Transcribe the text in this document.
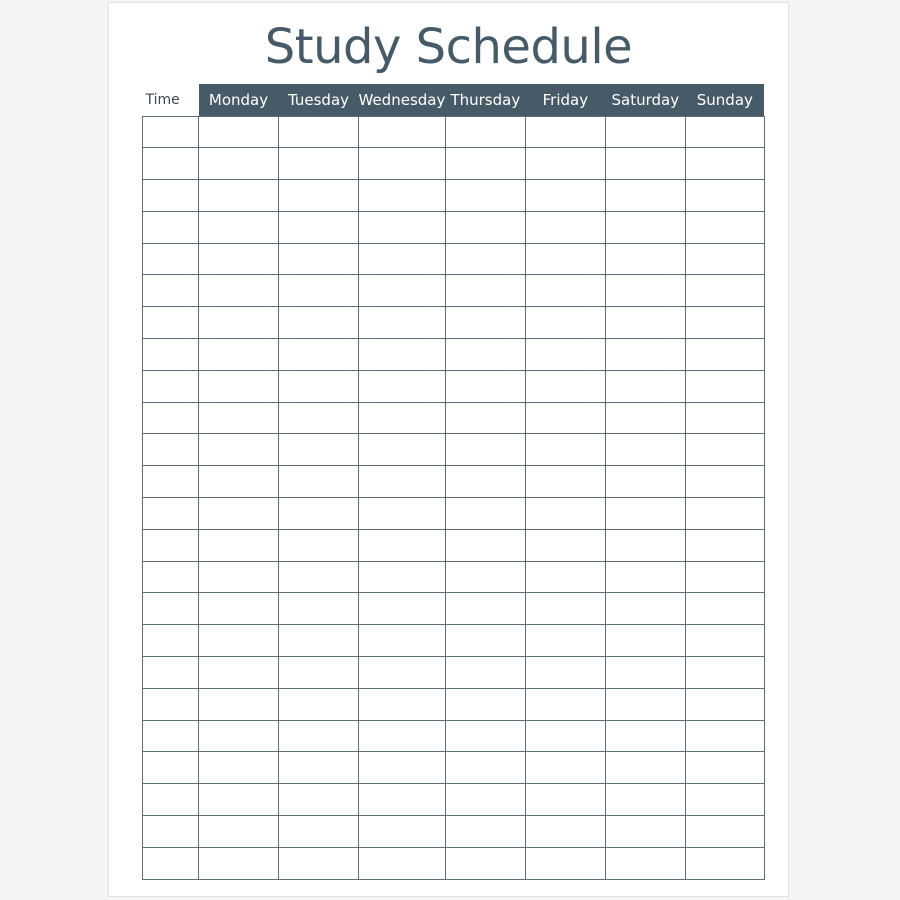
Study Schedule
Time	Monday	Tuesday	Wednesday	Thursday	Friday	Saturday	Sunday
